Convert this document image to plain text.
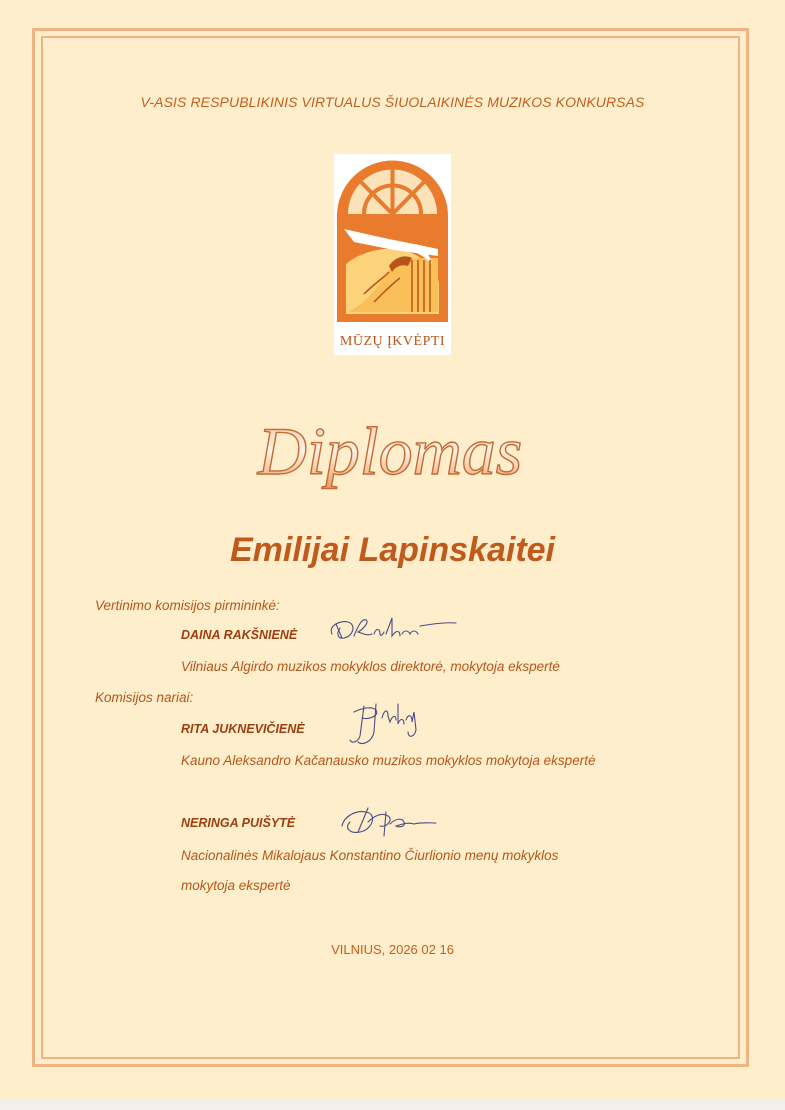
V-ASIS RESPUBLIKINIS VIRTUALUS ŠIUOLAIKINĖS MUZIKOS KONKURSAS
MŪZŲ ĮKVĖPTI
Diplomas
Emilijai Lapinskaitei
Vertinimo komisijos pirmininkė:
DAINA RAKŠNIENĖ
Vilniaus Algirdo muzikos mokyklos direktorė, mokytoja ekspertė
Komisijos nariai:
RITA JUKNEVIČIENĖ
Kauno Aleksandro Kačanausko muzikos mokyklos mokytoja ekspertė
NERINGA PUIŠYTĖ
Nacionalinės Mikalojaus Konstantino Čiurlionio menų mokyklos
mokytoja ekspertė
VILNIUS, 2026 02 16
